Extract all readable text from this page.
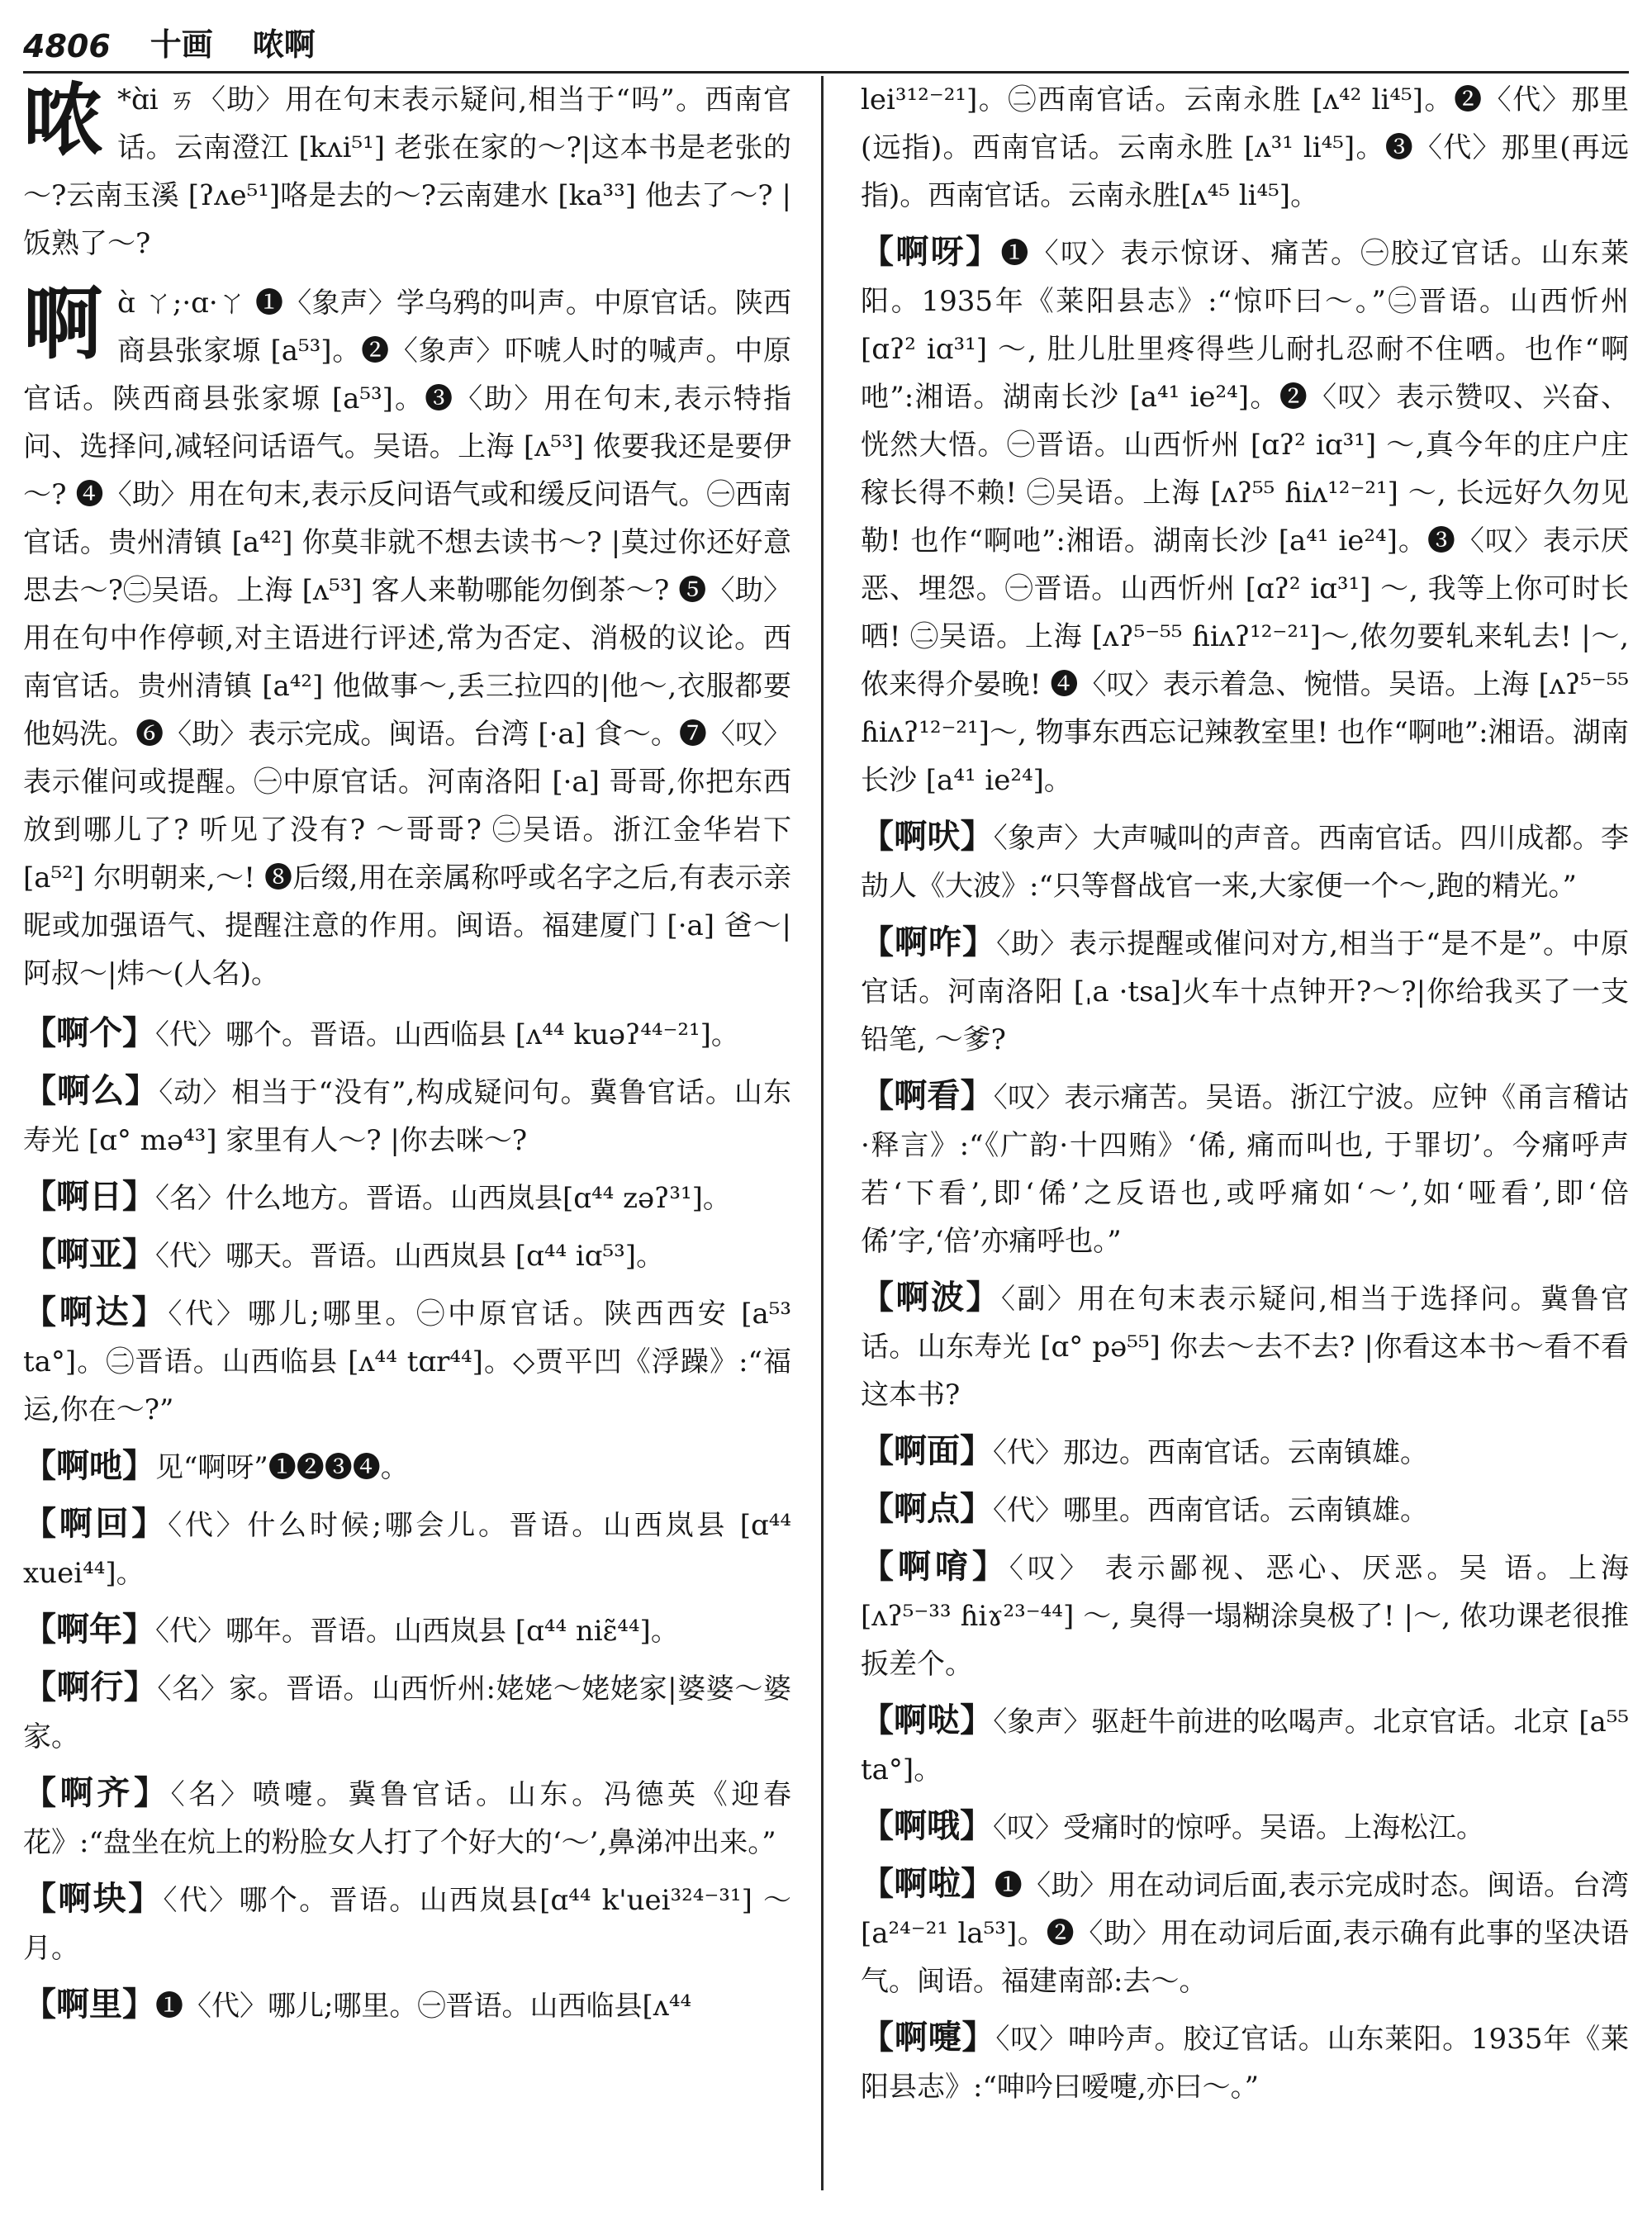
4806 十画 哝啊

哝 *ɑ̀i ㄞ〈助〉用在句末表示疑问,相当于“吗”。西南官话。云南澄江 [kʌi⁵¹] 老张在家的～?|这本书是老张的～?云南玉溪 [ʔʌe⁵¹]咯是去的～?云南建水 [ka³³] 他去了～? |饭熟了～?

啊ɑ̀ ㄚ;·ɑ·ㄚ ❶〈象声〉学乌鸦的叫声。中原官话。陕西商县张家塬 [a⁵³]。❷〈象声〉吓唬人时的喊声。中原官话。陕西商县张家塬 [a⁵³]。❸〈助〉用在句末,表示特指问、选择问,减轻问话语气。吴语。上海 [ʌ⁵³] 侬要我还是要伊～? ❹〈助〉用在句末,表示反问语气或和缓反问语气。㊀西南官话。贵州清镇 [a⁴²] 你莫非就不想去读书～? |莫过你还好意思去～?㊁吴语。上海 [ʌ⁵³] 客人来勒哪能勿倒茶～? ❺〈助〉用在句中作停顿,对主语进行评述,常为否定、消极的议论。西南官话。贵州清镇 [a⁴²] 他做事～,丢三拉四的|他～,衣服都要他妈洗。❻〈助〉表示完成。闽语。台湾 [·a] 食～。❼〈叹〉表示催问或提醒。㊀中原官话。河南洛阳 [·a] 哥哥,你把东西放到哪儿了? 听见了没有? ～哥哥? ㊁吴语。浙江金华岩下 [a⁵²] 尔明朝来,～! ❽后缀,用在亲属称呼或名字之后,有表示亲昵或加强语气、提醒注意的作用。闽语。福建厦门 [·a] 爸～|阿叔～|炜～(人名)。

【啊个】〈代〉哪个。晋语。山西临县 [ʌ⁴⁴ kuəʔ⁴⁴⁻²¹]。

【啊么】〈动〉相当于“没有”,构成疑问句。冀鲁官话。山东寿光 [ɑ° mə⁴³] 家里有人～? |你去咪～?

【啊日】〈名〉什么地方。晋语。山西岚县[ɑ⁴⁴ zəʔ³¹]。

【啊亚】〈代〉哪天。晋语。山西岚县 [ɑ⁴⁴ iɑ⁵³]。

【啊达】〈代〉哪儿;哪里。㊀中原官话。陕西西安 [a⁵³ ta°]。㊁晋语。山西临县 [ʌ⁴⁴ tɑr⁴⁴]。◇贾平凹《浮躁》:“福运,你在～?”

【啊吔】见“啊呀”❶❷❸❹。

【啊回】〈代〉什么时候;哪会儿。晋语。山西岚县 [ɑ⁴⁴ xuei⁴⁴]。

【啊年】〈代〉哪年。晋语。山西岚县 [ɑ⁴⁴ niɛ̃⁴⁴]。

【啊行】〈名〉家。晋语。山西忻州:姥姥～姥姥家|婆婆～婆家。

【啊齐】〈名〉喷嚏。冀鲁官话。山东。冯德英《迎春花》:“盘坐在炕上的粉脸女人打了个好大的‘～’,鼻涕冲出来。”

【啊块】〈代〉哪个。晋语。山西岚县[ɑ⁴⁴ k'uei³²⁴⁻³¹] ～月。

【啊里】❶〈代〉哪儿;哪里。㊀晋语。山西临县[ʌ⁴⁴

lei³¹²⁻²¹]。㊁西南官话。云南永胜 [ʌ⁴² li⁴⁵]。❷〈代〉那里(远指)。西南官话。云南永胜 [ʌ³¹ li⁴⁵]。❸〈代〉那里(再远指)。西南官话。云南永胜[ʌ⁴⁵ li⁴⁵]。

【啊呀】❶〈叹〉表示惊讶、痛苦。㊀胶辽官话。山东莱阳。1935年《莱阳县志》:“惊吓曰～。”㊁晋语。山西忻州 [ɑʔ² iɑ³¹] ～, 肚儿肚里疼得些儿耐扎忍耐不住哂。也作“啊吔”:湘语。湖南长沙 [a⁴¹ ie²⁴]。❷〈叹〉表示赞叹、兴奋、恍然大悟。㊀晋语。山西忻州 [ɑʔ² iɑ³¹] ～,真今年的庄户庄稼长得不赖! ㊁吴语。上海 [ʌʔ⁵⁵ ɦiʌ¹²⁻²¹] ～, 长远好久勿见勒! 也作“啊吔”:湘语。湖南长沙 [a⁴¹ ie²⁴]。❸〈叹〉表示厌恶、埋怨。㊀晋语。山西忻州 [ɑʔ² iɑ³¹] ～, 我等上你可时长哂! ㊁吴语。上海 [ʌʔ⁵⁻⁵⁵ ɦiʌʔ¹²⁻²¹]～,侬勿要轧来轧去! |～,侬来得介晏晚! ❹〈叹〉表示着急、惋惜。吴语。上海 [ʌʔ⁵⁻⁵⁵ ɦiʌʔ¹²⁻²¹]～, 物事东西忘记辣教室里! 也作“啊吔”:湘语。湖南长沙 [a⁴¹ ie²⁴]。

【啊吠】〈象声〉大声喊叫的声音。西南官话。四川成都。李劼人《大波》:“只等督战官一来,大家便一个～,跑的精光。”

【啊咋】〈助〉表示提醒或催问对方,相当于“是不是”。中原官话。河南洛阳 [ˌa ·tsa]火车十点钟开?～?|你给我买了一支铅笔, ～爹?

【啊看】〈叹〉表示痛苦。吴语。浙江宁波。应钟《甬言稽诂·释言》:“《广韵·十四贿》‘俙, 痛而叫也, 于罪切’。今痛呼声若‘下看’,即‘俙’之反语也,或呼痛如‘～’,如‘哑看’,即‘倍俙’字,‘倍’亦痛呼也。”

【啊波】〈副〉用在句末表示疑问,相当于选择问。冀鲁官话。山东寿光 [ɑ° pə⁵⁵] 你去～去不去? |你看这本书～看不看这本书?

【啊面】〈代〉那边。西南官话。云南镇雄。

【啊点】〈代〉哪里。西南官话。云南镇雄。

【啊唷】〈叹〉 表示鄙视、恶心、厌恶。吴 语。上海 [ʌʔ⁵⁻³³ ɦiɤ²³⁻⁴⁴] ～, 臭得一塌糊涂臭极了! |～, 侬功课老很推扳差个。

【啊哒】〈象声〉驱赶牛前进的吆喝声。北京官话。北京 [a⁵⁵ ta°]。

【啊哦】〈叹〉受痛时的惊呼。吴语。上海松江。

【啊啦】❶〈助〉用在动词后面,表示完成时态。闽语。台湾 [a²⁴⁻²¹ la⁵³]。❷〈助〉用在动词后面,表示确有此事的坚决语气。闽语。福建南部:去～。

【啊嚏】〈叹〉呻吟声。胶辽官话。山东莱阳。1935年《莱阳县志》:“呻吟曰嗳嚏,亦曰～。”
